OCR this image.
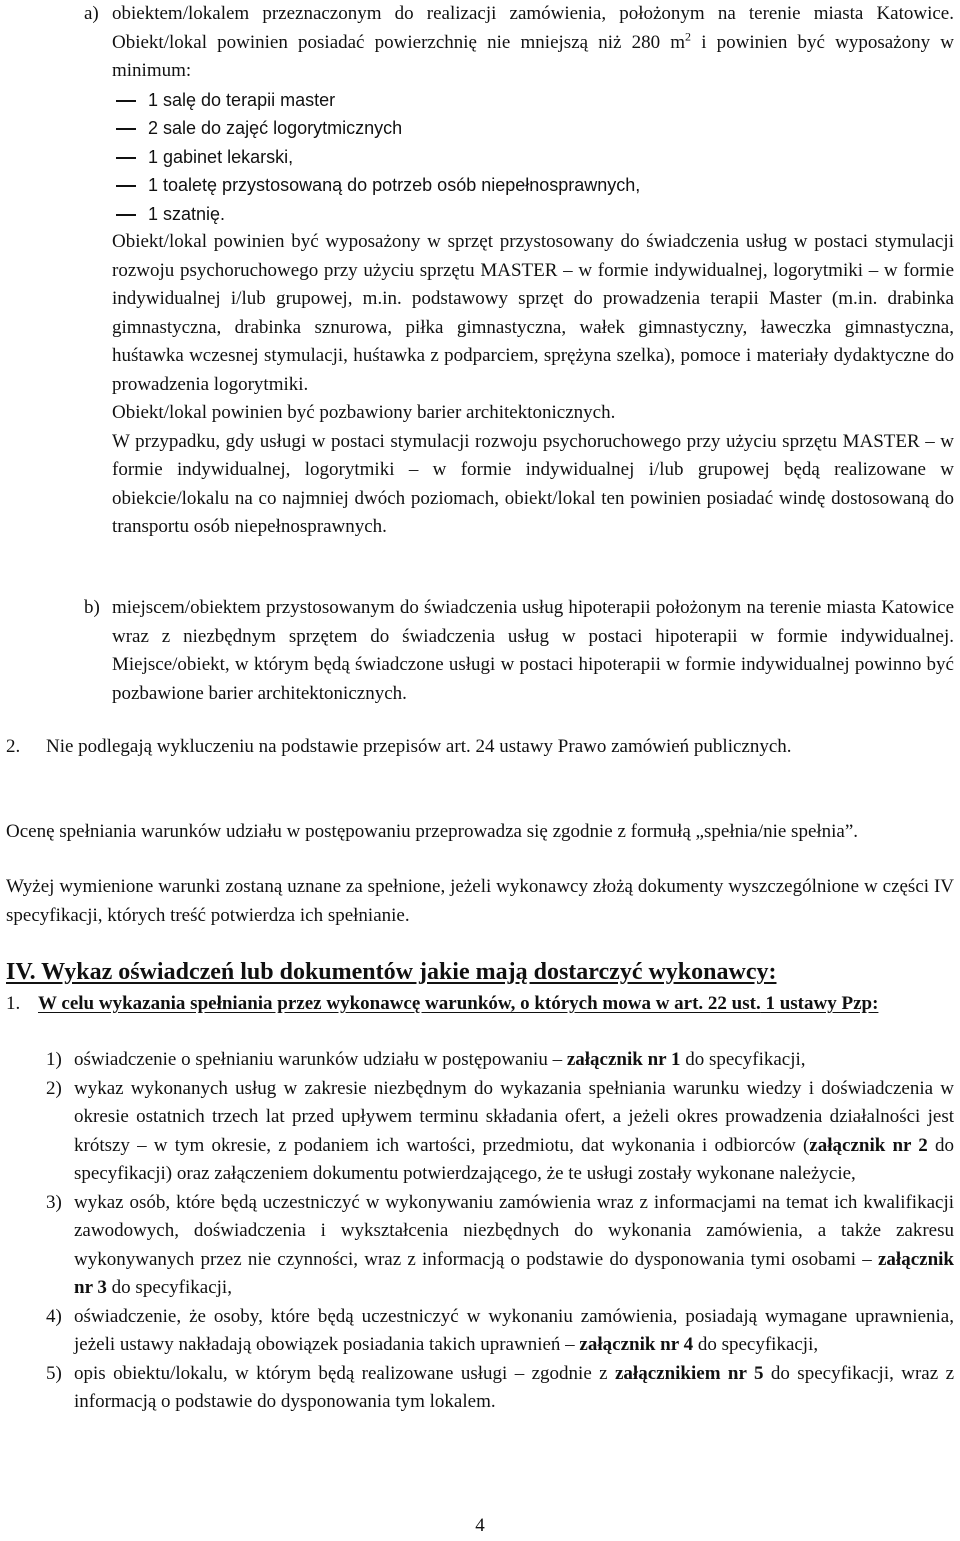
a) obiektem/lokalem przeznaczonym do realizacji zamówienia, położonym na terenie miasta Katowice. Obiekt/lokal powinien posiadać powierzchnię nie mniejszą niż 280 $m^2$ i powinien być wyposażony w minimum:
1 salę do terapii master
2 sale do zajęć logorytmicznych
1 gabinet lekarski,
1 toaletę przystosowaną do potrzeb osób niepełnosprawnych,
1 szatnię.
Obiekt/lokal powinien być wyposażony w sprzęt przystosowany do świadczenia usług w postaci stymulacji rozwoju psychoruchowego przy użyciu sprzętu MASTER – w formie indywidualnej, logorytmiki – w formie indywidualnej i/lub grupowej, m.in. podstawowy sprzęt do prowadzenia terapii Master (m.in. drabinka gimnastyczna, drabinka sznurowa, piłka gimnastyczna, wałek gimnastyczny, ławeczka gimnastyczna, huśtawka wczesnej stymulacji, huśtawka z podparciem, sprężyna szelka), pomoce i materiały dydaktyczne do prowadzenia logorytmiki.
Obiekt/lokal powinien być pozbawiony barier architektonicznych.
W przypadku, gdy usługi w postaci stymulacji rozwoju psychoruchowego przy użyciu sprzętu MASTER – w formie indywidualnej, logorytmiki – w formie indywidualnej i/lub grupowej będą realizowane w obiekcie/lokalu na co najmniej dwóch poziomach, obiekt/lokal ten powinien posiadać windę dostosowaną do transportu osób niepełnosprawnych.
b) miejscem/obiektem przystosowanym do świadczenia usług hipoterapii położonym na terenie miasta Katowice wraz z niezbędnym sprzętem do świadczenia usług w postaci hipoterapii w formie indywidualnej. Miejsce/obiekt, w którym będą świadczone usługi w postaci hipoterapii w formie indywidualnej powinno być pozbawione barier architektonicznych.
2. Nie podlegają wykluczeniu na podstawie przepisów art. 24 ustawy Prawo zamówień publicznych.
Ocenę spełniania warunków udziału w postępowaniu przeprowadza się zgodnie z formułą „spełnia/nie spełnia”.
Wyżej wymienione warunki zostaną uznane za spełnione, jeżeli wykonawcy złożą dokumenty wyszczególnione w części IV specyfikacji, których treść potwierdza ich spełnianie.
IV. Wykaz oświadczeń lub dokumentów jakie mają dostarczyć wykonawcy:
1. W celu wykazania spełniania przez wykonawcę warunków, o których mowa w art. 22 ust. 1 ustawy Pzp:
1) oświadczenie o spełnianiu warunków udziału w postępowaniu – załącznik nr 1 do specyfikacji,
2) wykaz wykonanych usług w zakresie niezbędnym do wykazania spełniania warunku wiedzy i doświadczenia w okresie ostatnich trzech lat przed upływem terminu składania ofert, a jeżeli okres prowadzenia działalności jest krótszy – w tym okresie, z podaniem ich wartości, przedmiotu, dat wykonania i odbiorców (załącznik nr 2 do specyfikacji) oraz załączeniem dokumentu potwierdzającego, że te usługi zostały wykonane należycie,
3) wykaz osób, które będą uczestniczyć w wykonywaniu zamówienia wraz z informacjami na temat ich kwalifikacji zawodowych, doświadczenia i wykształcenia niezbędnych do wykonania zamówienia, a także zakresu wykonywanych przez nie czynności, wraz z informacją o podstawie do dysponowania tymi osobami – załącznik nr 3 do specyfikacji,
4) oświadczenie, że osoby, które będą uczestniczyć w wykonaniu zamówienia, posiadają wymagane uprawnienia, jeżeli ustawy nakładają obowiązek posiadania takich uprawnień – załącznik nr 4 do specyfikacji,
5) opis obiektu/lokalu, w którym będą realizowane usługi – zgodnie z załącznikiem nr 5 do specyfikacji, wraz z informacją o podstawie do dysponowania tym lokalem.
4
